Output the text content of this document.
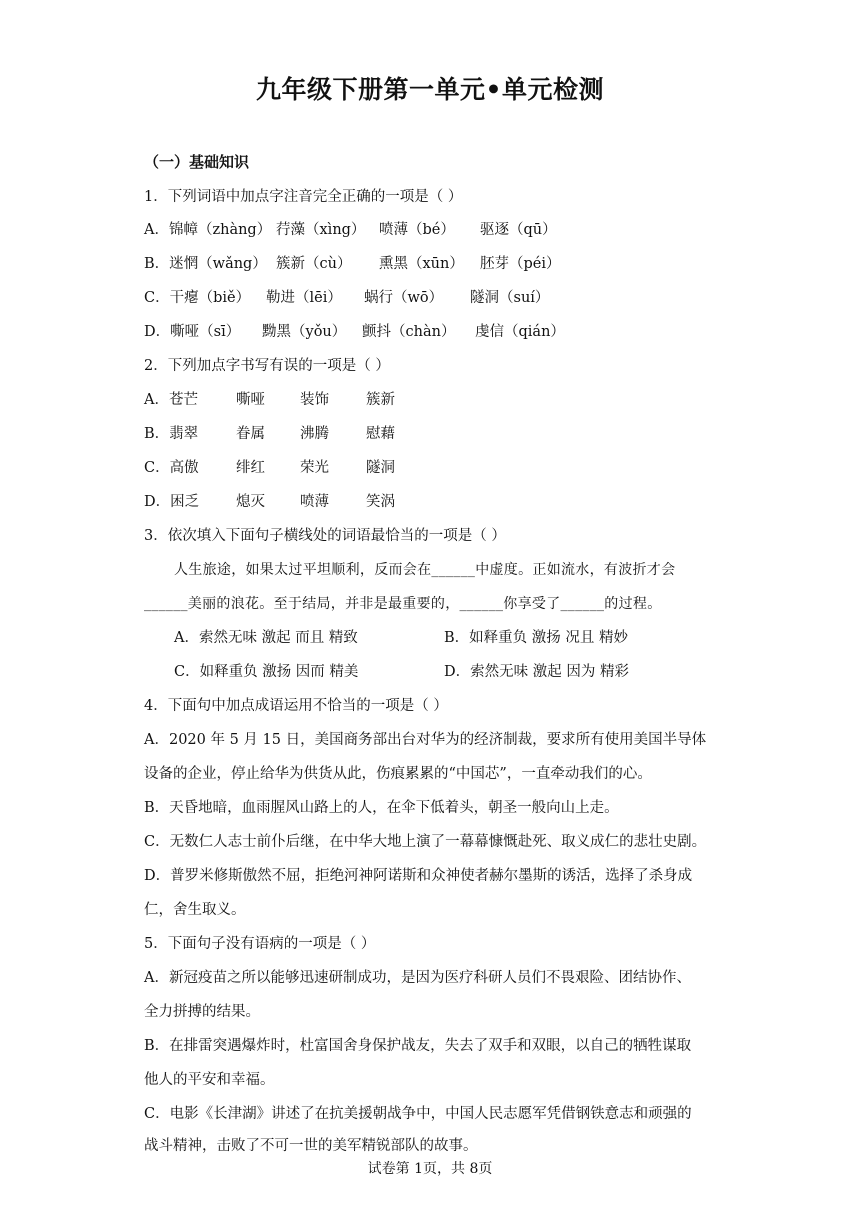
九年级下册第一单元•单元检测
（一）基础知识
1．下列词语中加点字注音完全正确的一项是（ ）
A．锦幛（zhàng） 荇藻（xìng） 喷薄（bé） 驱逐（qū）
B．迷惘（wǎng） 簇新（cù） 熏黑（xūn） 胚芽（péi）
C．干瘪（biě） 勒进（lēi） 蜗行（wō） 隧洞（suí）
D．嘶哑（sī） 黝黑（yǒu） 颤抖（chàn） 虔信（qián）
2．下列加点字书写有误的一项是（ ）
A．苍芒	嘶哑 装饰	簇新
B．翡翠	眷属 沸腾	慰藉
C．高傲	绯红 荣光	隧洞
D．困乏	熄灭 喷薄	笑涡
3．依次填入下面句子横线处的词语最恰当的一项是（ ）
人生旅途，如果太过平坦顺利，反而会在______中虚度。正如流水，有波折才会
______美丽的浪花。至于结局，并非是最重要的，______你享受了______的过程。
A．索然无味 激起 而且 精致	B．如释重负 激扬 况且 精妙
C．如释重负 激扬 因而 精美	D．索然无味 激起 因为 精彩
4．下面句中加点成语运用不恰当的一项是（ ）
A．2020 年 5 月 15 日，美国商务部出台对华为的经济制裁，要求所有使用美国半导体
设备的企业，停止给华为供货从此，伤痕累累的“中国芯”，一直牵动我们的心。
B．天昏地暗，血雨腥风山路上的人，在伞下低着头，朝圣一般向山上走。
C．无数仁人志士前仆后继，在中华大地上演了一幕幕慷慨赴死、取义成仁的悲壮史剧。
D．普罗米修斯傲然不屈，拒绝河神阿诺斯和众神使者赫尔墨斯的诱活，选择了杀身成
仁，舍生取义。
5．下面句子没有语病的一项是（ ）
A．新冠疫苗之所以能够迅速研制成功，是因为医疗科研人员们不畏艰险、团结协作、
全力拼搏的结果。
B．在排雷突遇爆炸时，杜富国舍身保护战友，失去了双手和双眼，以自己的牺牲谋取
他人的平安和幸福。
C．电影《长津湖》讲述了在抗美援朝战争中，中国人民志愿军凭借钢铁意志和顽强的
战斗精神，击败了不可一世的美军精锐部队的故事。
试卷第 1页，共 8页
